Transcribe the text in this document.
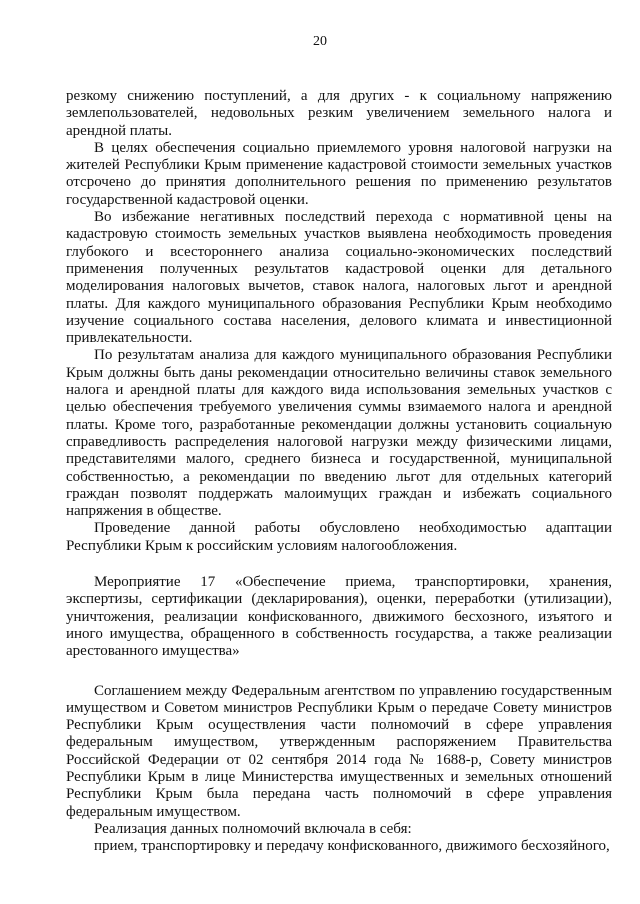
20

резкому снижению поступлений, а для других - к социальному напряжению землепользователей, недовольных резким увеличением земельного налога и арендной платы.

В целях обеспечения социально приемлемого уровня налоговой нагрузки на жителей Республики Крым применение кадастровой стоимости земельных участков отсрочено до принятия дополнительного решения по применению результатов государственной кадастровой оценки.

Во избежание негативных последствий перехода с нормативной цены на кадастровую стоимость земельных участков выявлена необходимость проведения глубокого и всестороннего анализа социально-экономических последствий применения полученных результатов кадастровой оценки для детального моделирования налоговых вычетов, ставок налога, налоговых льгот и арендной платы. Для каждого муниципального образования Республики Крым необходимо изучение социального состава населения, делового климата и инвестиционной привлекательности.

По результатам анализа для каждого муниципального образования Республики Крым должны быть даны рекомендации относительно величины ставок земельного налога и арендной платы для каждого вида использования земельных участков с целью обеспечения требуемого увеличения суммы взимаемого налога и арендной платы. Кроме того, разработанные рекомендации должны установить социальную справедливость распределения налоговой нагрузки между физическими лицами, представителями малого, среднего бизнеса и государственной, муниципальной собственностью, а рекомендации по введению льгот для отдельных категорий граждан позволят поддержать малоимущих граждан и избежать социального напряжения в обществе.

Проведение данной работы обусловлено необходимостью адаптации Республики Крым к российским условиям налогообложения.

Мероприятие 17 «Обеспечение приема, транспортировки, хранения, экспертизы, сертификации (декларирования), оценки, переработки (утилизации), уничтожения, реализации конфискованного, движимого бесхозного, изъятого и иного имущества, обращенного в собственность государства, а также реализации арестованного имущества»

Соглашением между Федеральным агентством по управлению государственным имуществом и Советом министров Республики Крым о передаче Совету министров Республики Крым осуществления части полномочий в сфере управления федеральным имуществом, утвержденным распоряжением Правительства Российской Федерации от 02 сентября 2014 года № 1688-р, Совету министров Республики Крым в лице Министерства имущественных и земельных отношений Республики Крым была передана часть полномочий в сфере управления федеральным имуществом.

Реализация данных полномочий включала в себя:

прием, транспортировку и передачу конфискованного, движимого бесхозяйного,
